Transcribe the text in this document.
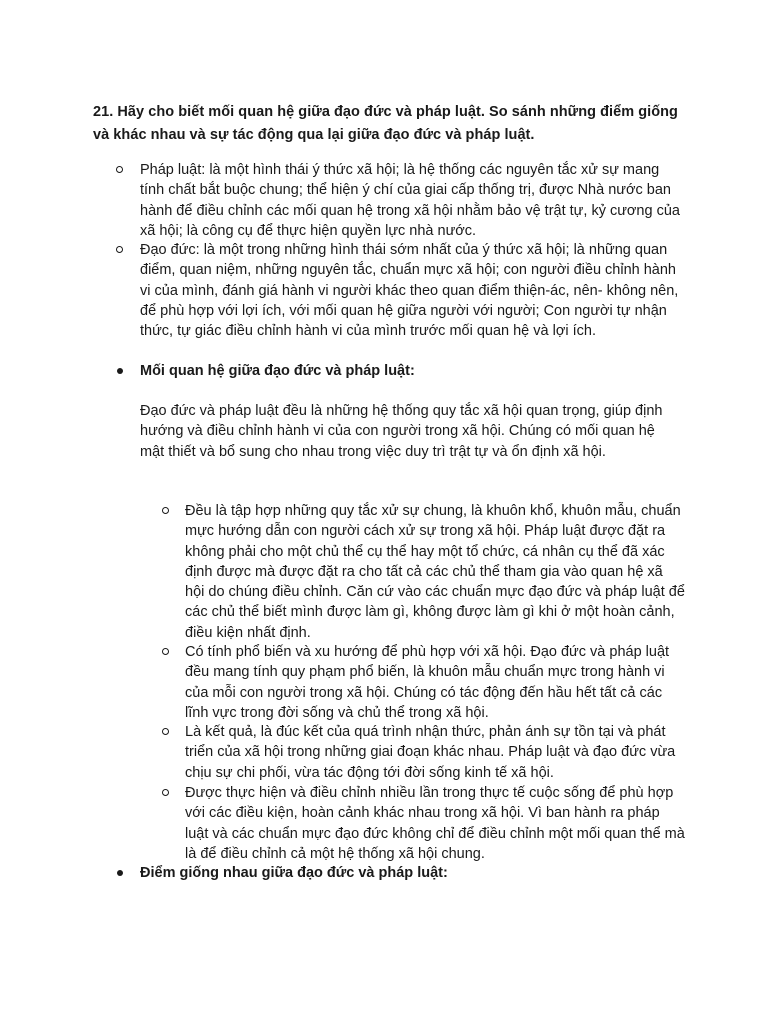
21. Hãy cho biết mối quan hệ giữa đạo đức và pháp luật. So sánh những điểm giống và khác nhau và sự tác động qua lại giữa đạo đức và pháp luật.

Pháp luật: là một hình thái ý thức xã hội; là hệ thống các nguyên tắc xử sự mang tính chất bắt buộc chung; thể hiện ý chí của giai cấp thống trị, được Nhà nước ban hành để điều chỉnh các mối quan hệ trong xã hội nhằm bảo vệ trật tự, kỷ cương của xã hội; là công cụ để thực hiện quyền lực nhà nước.
Đạo đức: là một trong những hình thái sớm nhất của ý thức xã hội; là những quan điểm, quan niệm, những nguyên tắc, chuẩn mực xã hội; con người điều chỉnh hành vi của mình, đánh giá hành vi người khác theo quan điểm thiện-ác, nên- không nên, để phù hợp với lợi ích, với mối quan hệ giữa người với người; Con người tự nhận thức, tự giác điều chỉnh hành vi của mình trước mối quan hệ và lợi ích.
Mối quan hệ giữa đạo đức và pháp luật:

Đạo đức và pháp luật đều là những hệ thống quy tắc xã hội quan trọng, giúp định hướng và điều chỉnh hành vi của con người trong xã hội. Chúng có mối quan hệ mật thiết và bổ sung cho nhau trong việc duy trì trật tự và ổn định xã hội.

Đều là tập hợp những quy tắc xử sự chung, là khuôn khổ, khuôn mẫu, chuẩn mực hướng dẫn con người cách xử sự trong xã hội. Pháp luật được đặt ra không phải cho một chủ thể cụ thể hay một tổ chức, cá nhân cụ thể đã xác định được mà được đặt ra cho tất cả các chủ thể tham gia vào quan hệ xã hội do chúng điều chỉnh. Căn cứ vào các chuẩn mực đạo đức và pháp luật để các chủ thể biết mình được làm gì, không được làm gì khi ở một hoàn cảnh, điều kiện nhất định.
Có tính phổ biến và xu hướng để phù hợp với xã hội. Đạo đức và pháp luật đều mang tính quy phạm phổ biến, là khuôn mẫu chuẩn mực trong hành vi của mỗi con người trong xã hội. Chúng có tác động đến hầu hết tất cả các lĩnh vực trong đời sống và chủ thể trong xã hội.
Là kết quả, là đúc kết của quá trình nhận thức, phản ánh sự tồn tại và phát triển của xã hội trong những giai đoạn khác nhau. Pháp luật và đạo đức vừa chịu sự chi phối, vừa tác động tới đời sống kinh tế xã hội.
Được thực hiện và điều chỉnh nhiều lần trong thực tế cuộc sống để phù hợp với các điều kiện, hoàn cảnh khác nhau trong xã hội. Vì ban hành ra pháp luật và các chuẩn mực đạo đức không chỉ để điều chỉnh một mối quan thể mà là để điều chỉnh cả một hệ thống xã hội chung.
Điểm giống nhau giữa đạo đức và pháp luật:
